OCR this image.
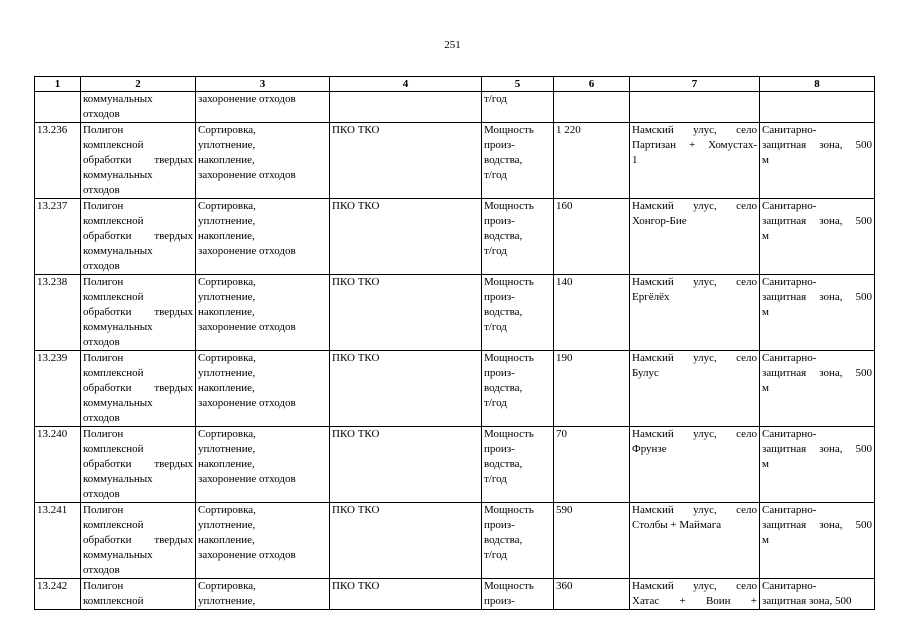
251
1	2	3	4	5	6	7	8

	коммунальных
отходов	захоронение отходов		т/год			

13.236	Полигон
комплексной
обработки твердых
коммунальных
отходов	Сортировка,
уплотнение,
накопление,
захоронение отходов	ПКО ТКО	Мощность
произ-
водства,
т/год	1 220	Намский улус, село
Партизан + Хомустах-
1	Санитарно-
защитная зона, 500
м

13.237	Полигон
комплексной
обработки твердых
коммунальных
отходов	Сортировка,
уплотнение,
накопление,
захоронение отходов	ПКО ТКО	Мощность
произ-
водства,
т/год	160	Намский улус, село
Хонгор-Бие	Санитарно-
защитная зона, 500
м

13.238	Полигон
комплексной
обработки твердых
коммунальных
отходов	Сортировка,
уплотнение,
накопление,
захоронение отходов	ПКО ТКО	Мощность
произ-
водства,
т/год	140	Намский улус, село
Ергёлёх	Санитарно-
защитная зона, 500
м

13.239	Полигон
комплексной
обработки твердых
коммунальных
отходов	Сортировка,
уплотнение,
накопление,
захоронение отходов	ПКО ТКО	Мощность
произ-
водства,
т/год	190	Намский улус, село
Булус	Санитарно-
защитная зона, 500
м

13.240	Полигон
комплексной
обработки твердых
коммунальных
отходов	Сортировка,
уплотнение,
накопление,
захоронение отходов	ПКО ТКО	Мощность
произ-
водства,
т/год	70	Намский улус, село
Фрунзе	Санитарно-
защитная зона, 500
м

13.241	Полигон
комплексной
обработки твердых
коммунальных
отходов	Сортировка,
уплотнение,
накопление,
захоронение отходов	ПКО ТКО	Мощность
произ-
водства,
т/год	590	Намский улус, село
Столбы + Маймага	Санитарно-
защитная зона, 500
м

13.242	Полигон
комплексной	Сортировка,
уплотнение,	ПКО ТКО	Мощность
произ-	360	Намский улус, село
Хатас + Воин +	Санитарно-
защитная зона, 500
